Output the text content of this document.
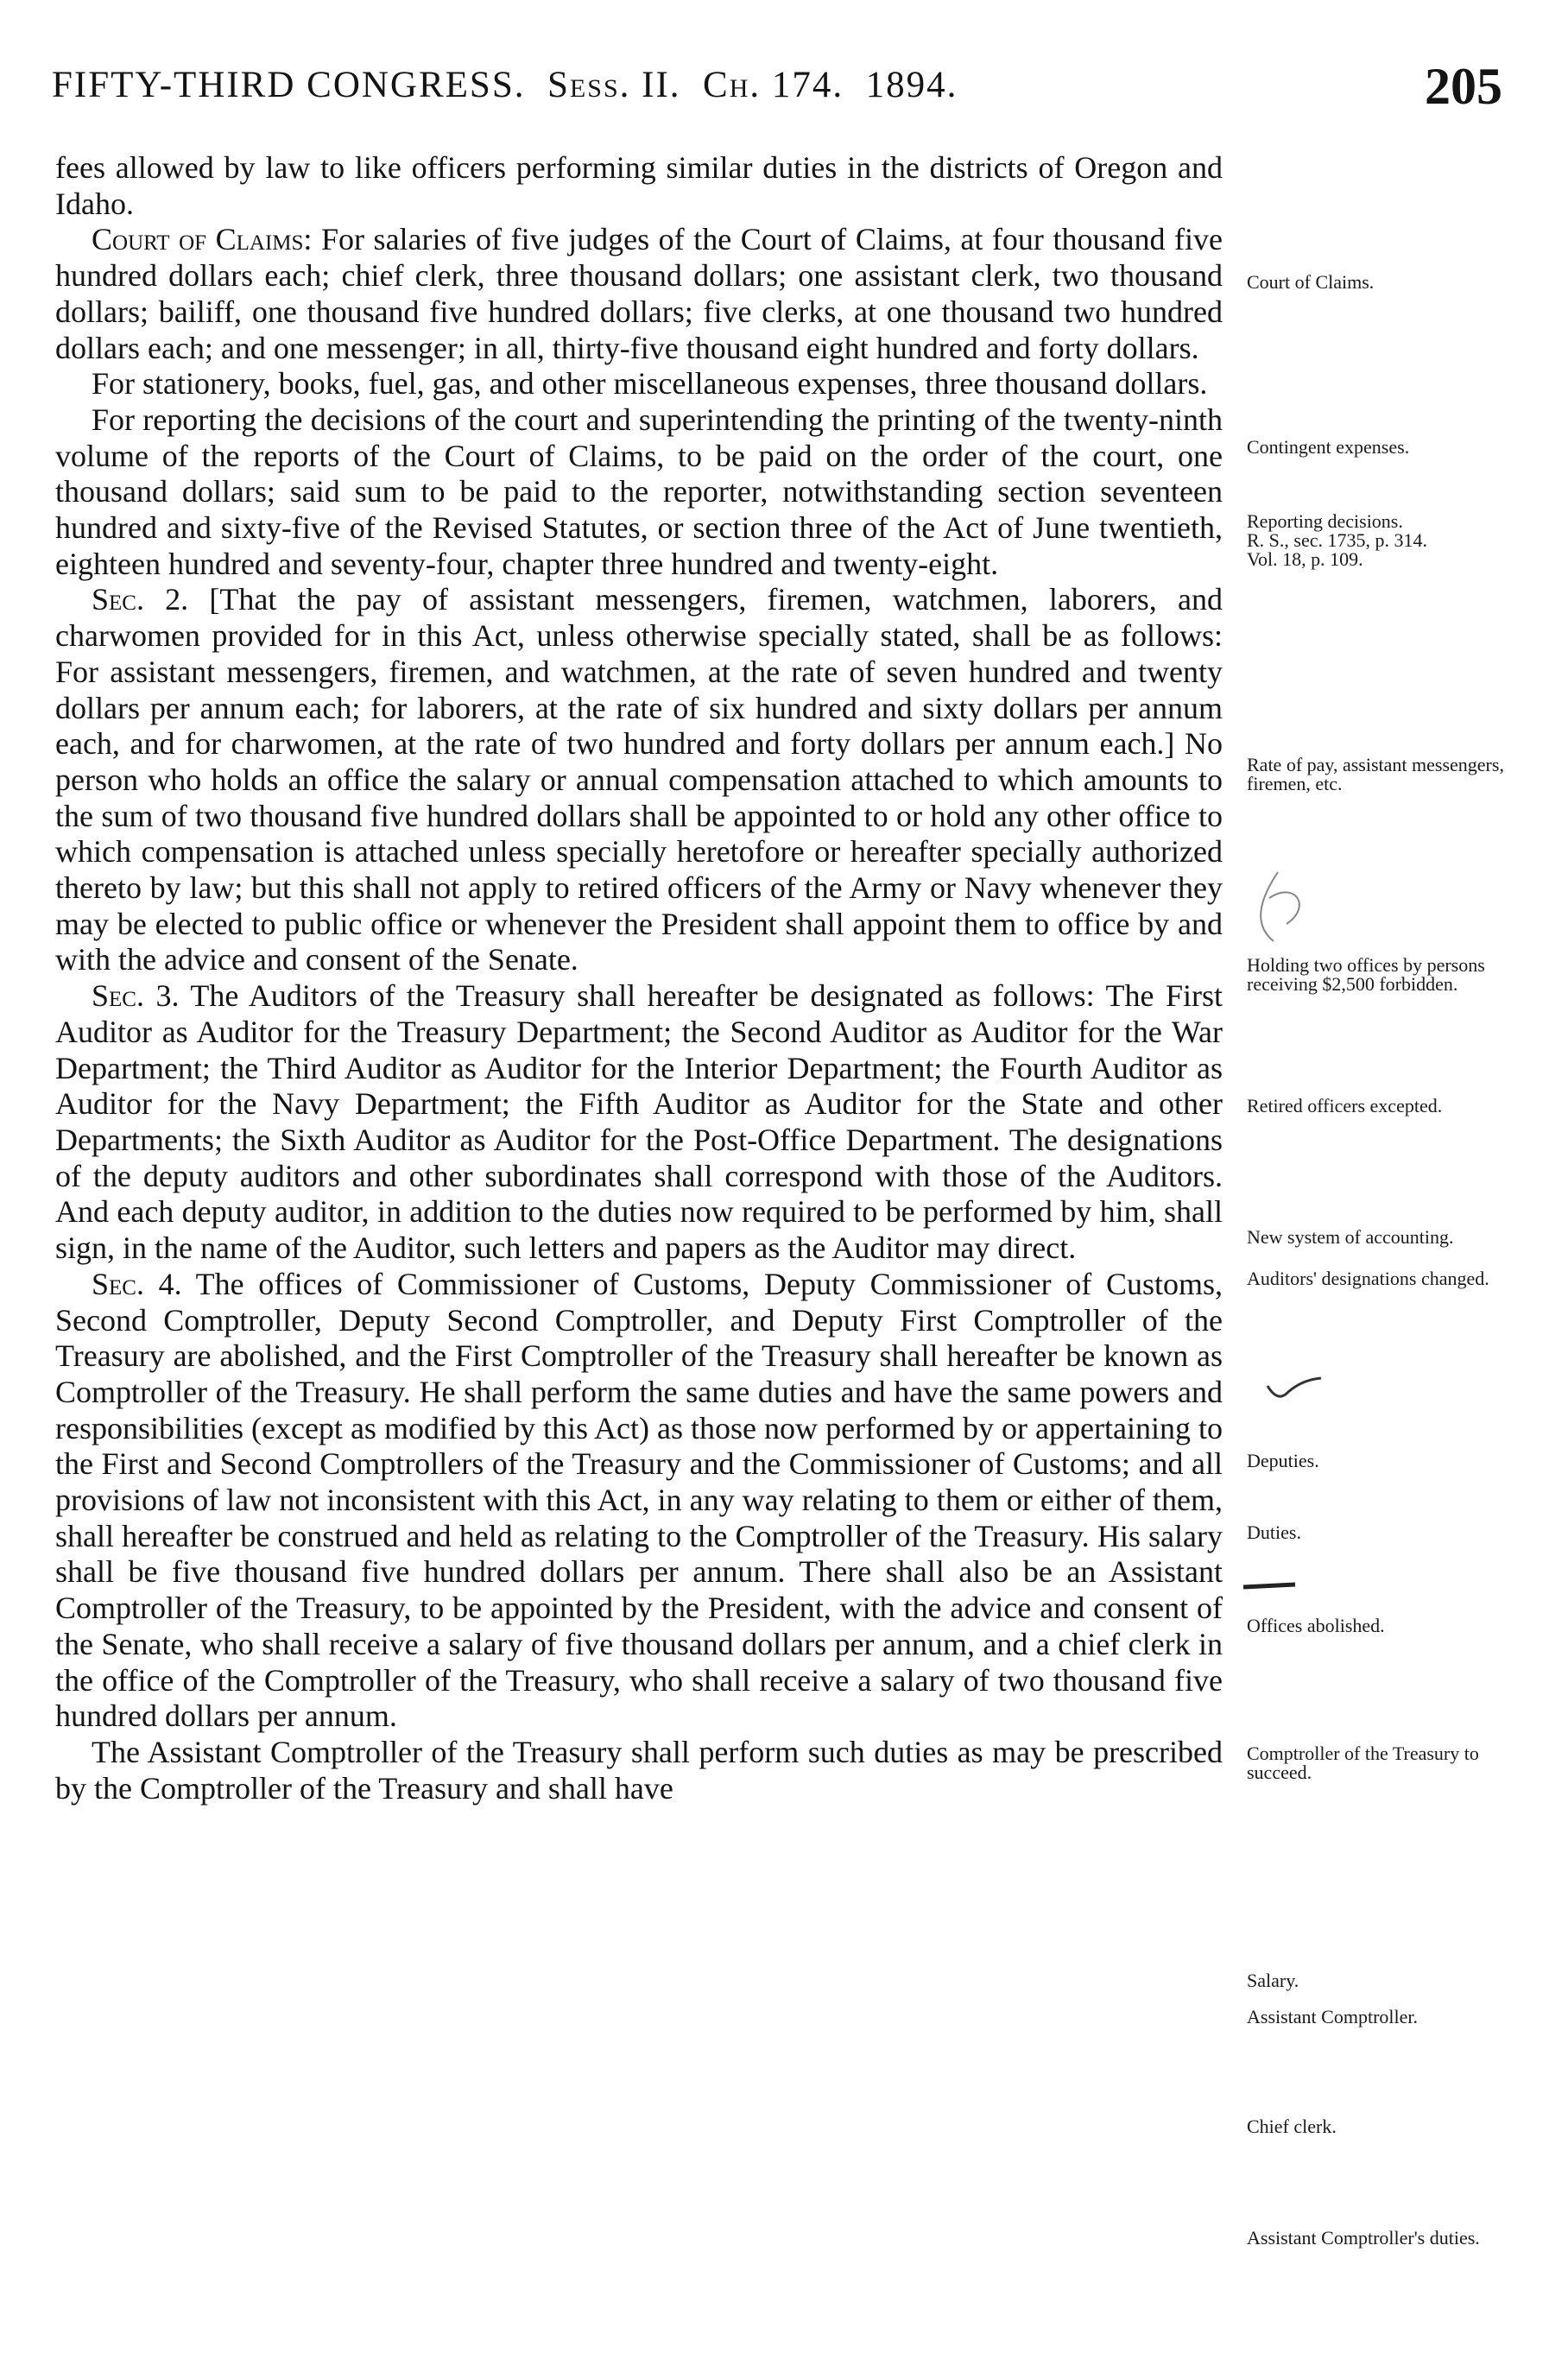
FIFTY-THIRD CONGRESS. Sess. II. Ch. 174. 1894.	205

fees allowed by law to like officers performing similar duties in the districts of Oregon and Idaho.

Court of Claims: For salaries of five judges of the Court of Claims, at four thousand five hundred dollars each; chief clerk, three thousand dollars; one assistant clerk, two thousand dollars; bailiff, one thousand five hundred dollars; five clerks, at one thousand two hundred dollars each; and one messenger; in all, thirty-five thousand eight hundred and forty dollars.

For stationery, books, fuel, gas, and other miscellaneous expenses, three thousand dollars.

For reporting the decisions of the court and superintending the printing of the twenty-ninth volume of the reports of the Court of Claims, to be paid on the order of the court, one thousand dollars; said sum to be paid to the reporter, notwithstanding section seventeen hundred and sixty-five of the Revised Statutes, or section three of the Act of June twentieth, eighteen hundred and seventy-four, chapter three hundred and twenty-eight.

Sec. 2. [That the pay of assistant messengers, firemen, watchmen, laborers, and charwomen provided for in this Act, unless otherwise specially stated, shall be as follows: For assistant messengers, firemen, and watchmen, at the rate of seven hundred and twenty dollars per annum each; for laborers, at the rate of six hundred and sixty dollars per annum each, and for charwomen, at the rate of two hundred and forty dollars per annum each.] No person who holds an office the salary or annual compensation attached to which amounts to the sum of two thousand five hundred dollars shall be appointed to or hold any other office to which compensation is attached unless specially heretofore or hereafter specially authorized thereto by law; but this shall not apply to retired officers of the Army or Navy whenever they may be elected to public office or whenever the President shall appoint them to office by and with the advice and consent of the Senate.

Sec. 3. The Auditors of the Treasury shall hereafter be designated as follows: The First Auditor as Auditor for the Treasury Department; the Second Auditor as Auditor for the War Department; the Third Auditor as Auditor for the Interior Department; the Fourth Auditor as Auditor for the Navy Department; the Fifth Auditor as Auditor for the State and other Departments; the Sixth Auditor as Auditor for the Post-Office Department. The designations of the deputy auditors and other subordinates shall correspond with those of the Auditors. And each deputy auditor, in addition to the duties now required to be performed by him, shall sign, in the name of the Auditor, such letters and papers as the Auditor may direct.

Sec. 4. The offices of Commissioner of Customs, Deputy Commissioner of Customs, Second Comptroller, Deputy Second Comptroller, and Deputy First Comptroller of the Treasury are abolished, and the First Comptroller of the Treasury shall hereafter be known as Comptroller of the Treasury. He shall perform the same duties and have the same powers and responsibilities (except as modified by this Act) as those now performed by or appertaining to the First and Second Comptrollers of the Treasury and the Commissioner of Customs; and all provisions of law not inconsistent with this Act, in any way relating to them or either of them, shall hereafter be construed and held as relating to the Comptroller of the Treasury. His salary shall be five thousand five hundred dollars per annum. There shall also be an Assistant Comptroller of the Treasury, to be appointed by the President, with the advice and consent of the Senate, who shall receive a salary of five thousand dollars per annum, and a chief clerk in the office of the Comptroller of the Treasury, who shall receive a salary of two thousand five hundred dollars per annum.

The Assistant Comptroller of the Treasury shall perform such duties as may be prescribed by the Comptroller of the Treasury and shall have

Court of Claims.
Contingent expenses.
Reporting decisions.
R. S., sec. 1735, p. 314.
Vol. 18, p. 109.
Rate of pay, assistant messengers, firemen, etc.
Holding two offices by persons receiving $2,500 forbidden.
Retired officers excepted.
New system of accounting.
Auditors' designations changed.
Deputies.
Duties.
Offices abolished.
Comptroller of the Treasury to succeed.
Salary.
Assistant Comptroller.
Chief clerk.
Assistant Comptroller's duties.
